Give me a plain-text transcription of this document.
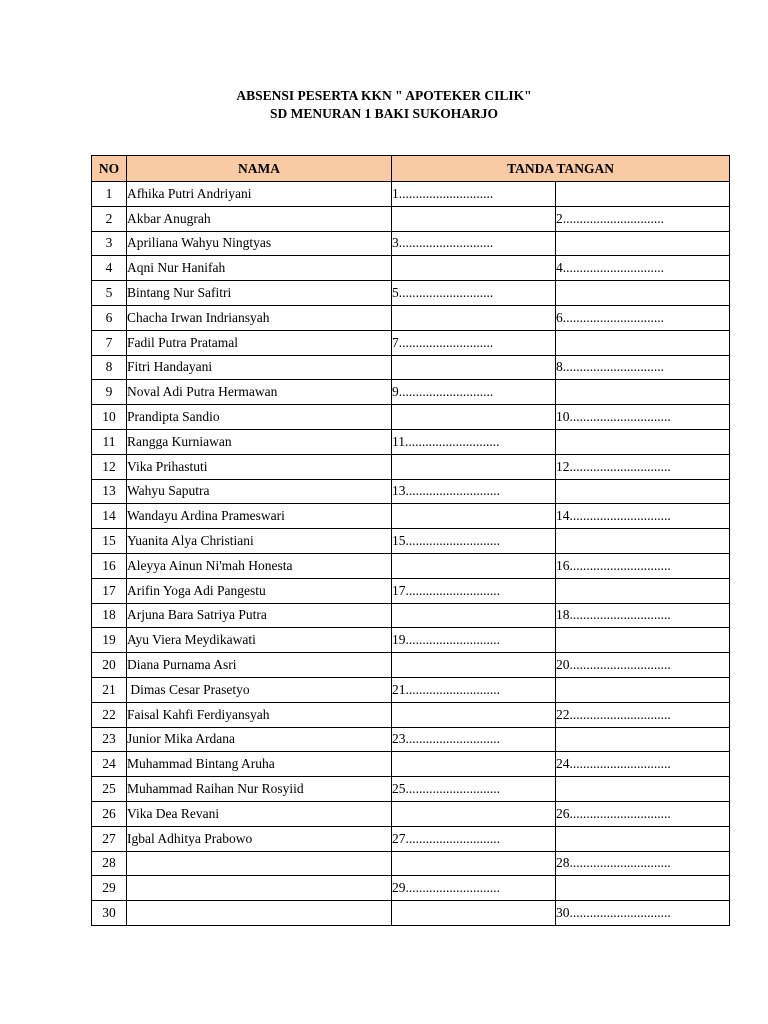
ABSENSI PESERTA KKN " APOTEKER CILIK"
SD MENURAN 1 BAKI SUKOHARJO
NO	NAMA	TANDA TANGAN	
1	Afhika Putri Andriyani	1............................	
2	Akbar Anugrah		2..............................
3	Apriliana Wahyu Ningtyas	3............................	
4	Aqni Nur Hanifah		4..............................
5	Bintang Nur Safitri	5............................	
6	Chacha Irwan Indriansyah		6..............................
7	Fadil Putra Pratamal	7............................	
8	Fitri Handayani		8..............................
9	Noval Adi Putra Hermawan	9............................	
10	Prandipta Sandio		10..............................
11	Rangga Kurniawan	11............................	
12	Vika Prihastuti		12..............................
13	Wahyu Saputra	13............................	
14	Wandayu Ardina Prameswari		14..............................
15	Yuanita Alya Christiani	15............................	
16	Aleyya Ainun Ni'mah Honesta		16..............................
17	Arifin Yoga Adi Pangestu	17............................	
18	Arjuna Bara Satriya Putra		18..............................
19	Ayu Viera Meydikawati	19............................	
20	Diana Purnama Asri		20..............................
21	Dimas Cesar Prasetyo	21............................	
22	Faisal Kahfi Ferdiyansyah		22..............................
23	Junior Mika Ardana	23............................	
24	Muhammad Bintang Aruha		24..............................
25	Muhammad Raihan Nur Rosyiid	25............................	
26	Vika Dea Revani		26..............................
27	Igbal Adhitya Prabowo	27............................	
28			28..............................
29		29............................	
30			30..............................
